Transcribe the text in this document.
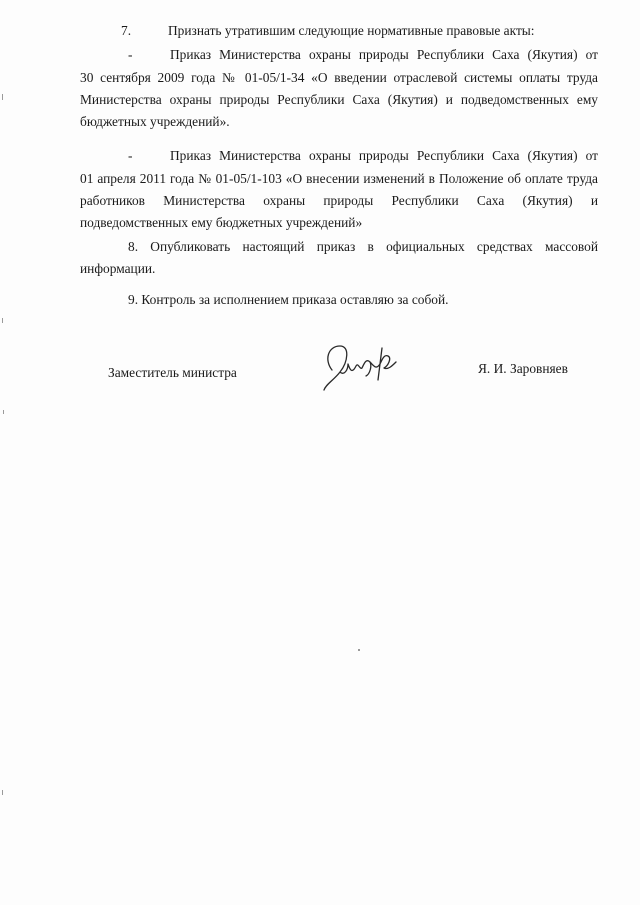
7.	Признать утратившим следующие нормативные правовые акты:
-	Приказ Министерства охраны природы Республики Саха (Якутия) от
30 сентября 2009 года № 01-05/1-34 «О введении отраслевой системы оплаты труда Министерства охраны природы Республики Саха (Якутия) и подведомственных ему бюджетных учреждений».
-	Приказ Министерства охраны природы Республики Саха (Якутия) от
01 апреля 2011 года № 01-05/1-103 «О внесении изменений в Положение об оплате труда работников Министерства охраны природы Республики Саха (Якутия) и подведомственных ему бюджетных учреждений»
8. Опубликовать настоящий приказ в официальных средствах массовой информации.
9. Контроль за исполнением приказа оставляю за собой.
Заместитель министра	Я. И. Заровняев
